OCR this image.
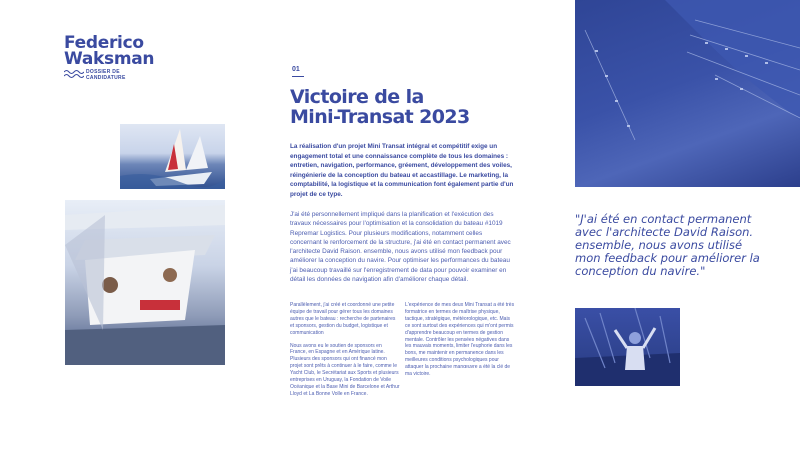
Federico
Waksman
DOSSIER DE
CANDIDATURE
01
Victoire de la
Mini-Transat 2023
La réalisation d'un projet Mini Transat intégral et compétitif exige un engagement total et une connaissance complète de tous les domaines : entretien, navigation, performance, gréement, développement des voiles, réingénierie de la conception du bateau et accastillage. Le marketing, la comptabilité, la logistique et la communication font également partie d'un projet de ce type.
J'ai été personnellement impliqué dans la planification et l'exécution des travaux nécessaires pour l'optimisation et la consolidation du bateau #1019 Repremar Logistics. Pour plusieurs modifications, notamment celles concernant le renforcement de la structure, j'ai été en contact permanent avec l'architecte David Raison. ensemble, nous avons utilisé mon feedback pour améliorer la conception du navire. Pour optimiser les performances du bateau j'ai beaucoup travaillé sur l'enregistrement de data pour pouvoir examiner en détail les données de navigation afin d'améliorer chaque détail.

Parallèlement, j'ai créé et coordonné une petite équipe de travail pour gérer tous les domaines autres que le bateau : recherche de partenaires et sponsors, gestion du budget, logistique et communication

Nous avons eu le soutien de sponsors en France, en Espagne et en Amérique latine. Plusieurs des sponsors qui ont financé mon projet sont prêts à continuer à le faire, comme le Yacht Club, le Secrétariat aux Sports et plusieurs entreprises en Uruguay, la Fondation de Voile Océanique et la Base Mini de Barcelone et Arthur Lloyd et La Bonne Volle en France.

L'expérience de mes deux Mini Transat a été très formatrice en termes de maîtrise physique, tactique, stratégique, météorologique, etc. Mais ce sont surtout des expériences qui m'ont permis d'apprendre beaucoup en termes de gestion mentale. Contrôler les pensées négatives dans les mauvais moments, limiter l'euphorie dans les bons, me maintenir en permanence dans les meilleures conditions psychologiques pour attaquer la prochaine manœuvre a été la clé de ma victoire.

"J'ai été en contact permanent avec l'architecte David Raison. ensemble, nous avons utilisé mon feedback pour améliorer la conception du navire."
